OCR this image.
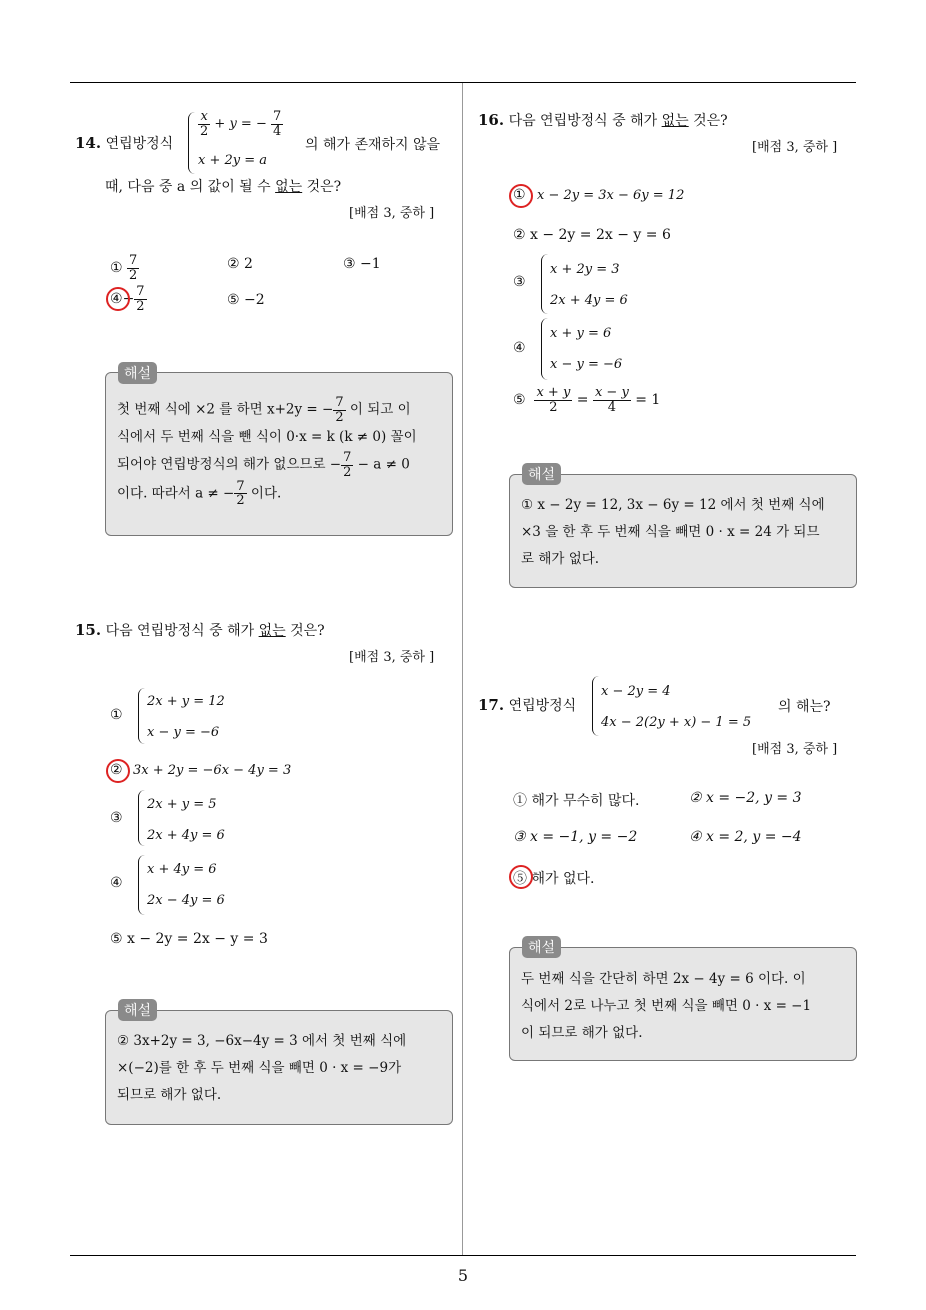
5
14. 연립방정식
$\frac{x}{2} + y$ = − $\frac{7}{4}$
x + 2y = a
의 해가 존재하지 않을
때, 다음 중 a 의 값이 될 수 없는 것은?
[배점 3, 중하 ]
① $\frac{7}{2}$	② 2	③ −1
④− $\frac{7}{2}$	⑤ −2
해설
첫 번째 식에 ×2 를 하면 x+2y = − $\frac{7}{2}$ 이 되고 이
식에서 두 번째 식을 뺀 식이 0·x = k (k ≠ 0) 꼴이
되어야 연립방정식의 해가 없으므로 − $\frac{7}{2} - a \ne 0$
이다. 따라서 a ≠ − $\frac{7}{2}$ 이다.
15. 다음 연립방정식 중 해가 없는 것은?
[배점 3, 중하 ]
①
2x + y = 12
x − y = −6
② 3x + 2y = −6x − 4y = 3
③
2x + y = 5
2x + 4y = 6
④
x + 4y = 6
2x − 4y = 6
⑤ x − 2y = 2x − y = 3
해설
② 3x+2y = 3, −6x−4y = 3 에서 첫 번째 식에
×(−2)를 한 후 두 번째 식을 빼면 0 · x = −9가
되므로 해가 없다.
16. 다음 연립방정식 중 해가 없는 것은?
[배점 3, 중하 ]
① x − 2y = 3x − 6y = 12
② x − 2y = 2x − y = 6
③
x + 2y = 3
2x + 4y = 6
④
x + y = 6
x − y = −6
⑤ $\frac{x + y}{2} = \frac{x - y}{4} = 1$
해설
① x − 2y = 12, 3x − 6y = 12 에서 첫 번째 식에
×3 을 한 후 두 번째 식을 빼면 0 · x = 24 가 되므
로 해가 없다.
17. 연립방정식
x − 2y = 4
4x − 2(2y + x) − 1 = 5
의 해는?
[배점 3, 중하 ]
① 해가 무수히 많다.	② x = −2, y = 3
③ x = −1, y = −2	④ x = 2, y = −4
⑤ 해가 없다.
해설
두 번째 식을 간단히 하면 2x − 4y = 6 이다. 이
식에서 2로 나누고 첫 번째 식을 빼면 0 · x = −1
이 되므로 해가 없다.
